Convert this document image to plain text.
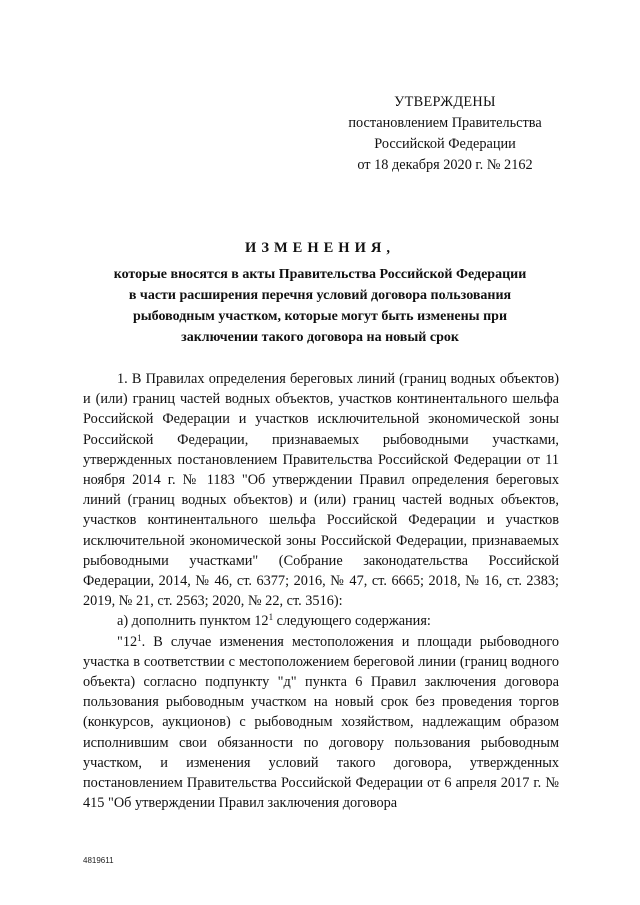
УТВЕРЖДЕНЫ
постановлением Правительства
Российской Федерации
от 18 декабря 2020 г. № 2162
ИЗМЕНЕНИЯ,
которые вносятся в акты Правительства Российской Федерации
в части расширения перечня условий договора пользования
рыбоводным участком, которые могут быть изменены при
заключении такого договора на новый срок

1. В Правилах определения береговых линий (границ водных объектов) и (или) границ частей водных объектов, участков континентального шельфа Российской Федерации и участков исключительной экономической зоны Российской Федерации, признаваемых рыбоводными участками, утвержденных постановлением Правительства Российской Федерации от 11 ноября 2014 г. № 1183 "Об утверждении Правил определения береговых линий (границ водных объектов) и (или) границ частей водных объектов, участков континентального шельфа Российской Федерации и участков исключительной экономической зоны Российской Федерации, признаваемых рыбоводными участками" (Собрание законодательства Российской Федерации, 2014, № 46, ст. 6377; 2016, № 47, ст. 6665; 2018, № 16, ст. 2383; 2019, № 21, ст. 2563; 2020, № 22, ст. 3516):

а) дополнить пунктом $12^1$ следующего содержания:

"$12^1$. В случае изменения местоположения и площади рыбоводного участка в соответствии с местоположением береговой линии (границ водного объекта) согласно подпункту "д" пункта 6 Правил заключения договора пользования рыбоводным участком на новый срок без проведения торгов (конкурсов, аукционов) с рыбоводным хозяйством, надлежащим образом исполнившим свои обязанности по договору пользования рыбоводным участком, и изменения условий такого договора, утвержденных постановлением Правительства Российской Федерации от 6 апреля 2017 г. № 415 "Об утверждении Правил заключения договора

4819611
